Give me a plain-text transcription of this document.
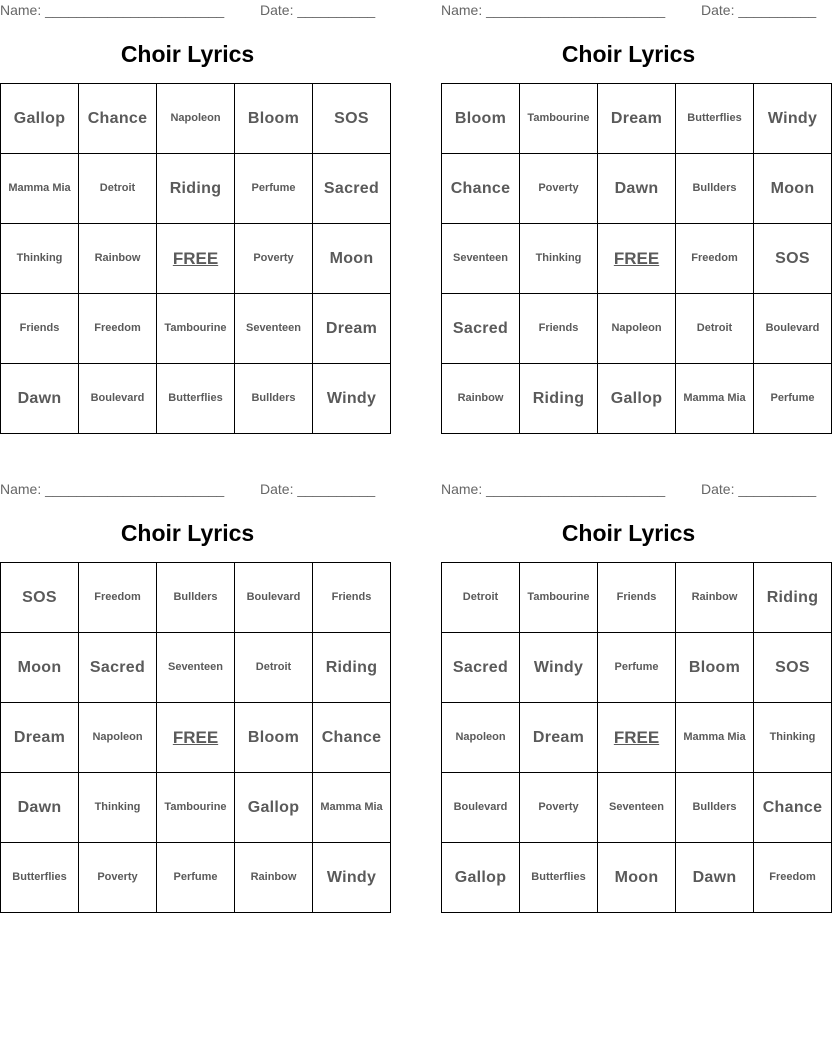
Name: _______________________	Date: __________
Choir Lyrics
Gallop	Chance	Napoleon	Bloom	SOS
Mamma Mia	Detroit	Riding	Perfume	Sacred
Thinking	Rainbow	FREE	Poverty	Moon
Friends	Freedom	Tambourine	Seventeen	Dream
Dawn	Boulevard	Butterflies	Bullders	Windy
Name: _______________________	Date: __________
Choir Lyrics
Bloom	Tambourine	Dream	Butterflies	Windy
Chance	Poverty	Dawn	Bullders	Moon
Seventeen	Thinking	FREE	Freedom	SOS
Sacred	Friends	Napoleon	Detroit	Boulevard
Rainbow	Riding	Gallop	Mamma Mia	Perfume
Name: _______________________	Date: __________
Choir Lyrics
SOS	Freedom	Bullders	Boulevard	Friends
Moon	Sacred	Seventeen	Detroit	Riding
Dream	Napoleon	FREE	Bloom	Chance
Dawn	Thinking	Tambourine	Gallop	Mamma Mia
Butterflies	Poverty	Perfume	Rainbow	Windy
Name: _______________________	Date: __________
Choir Lyrics
Detroit	Tambourine	Friends	Rainbow	Riding
Sacred	Windy	Perfume	Bloom	SOS
Napoleon	Dream	FREE	Mamma Mia	Thinking
Boulevard	Poverty	Seventeen	Bullders	Chance
Gallop	Butterflies	Moon	Dawn	Freedom
